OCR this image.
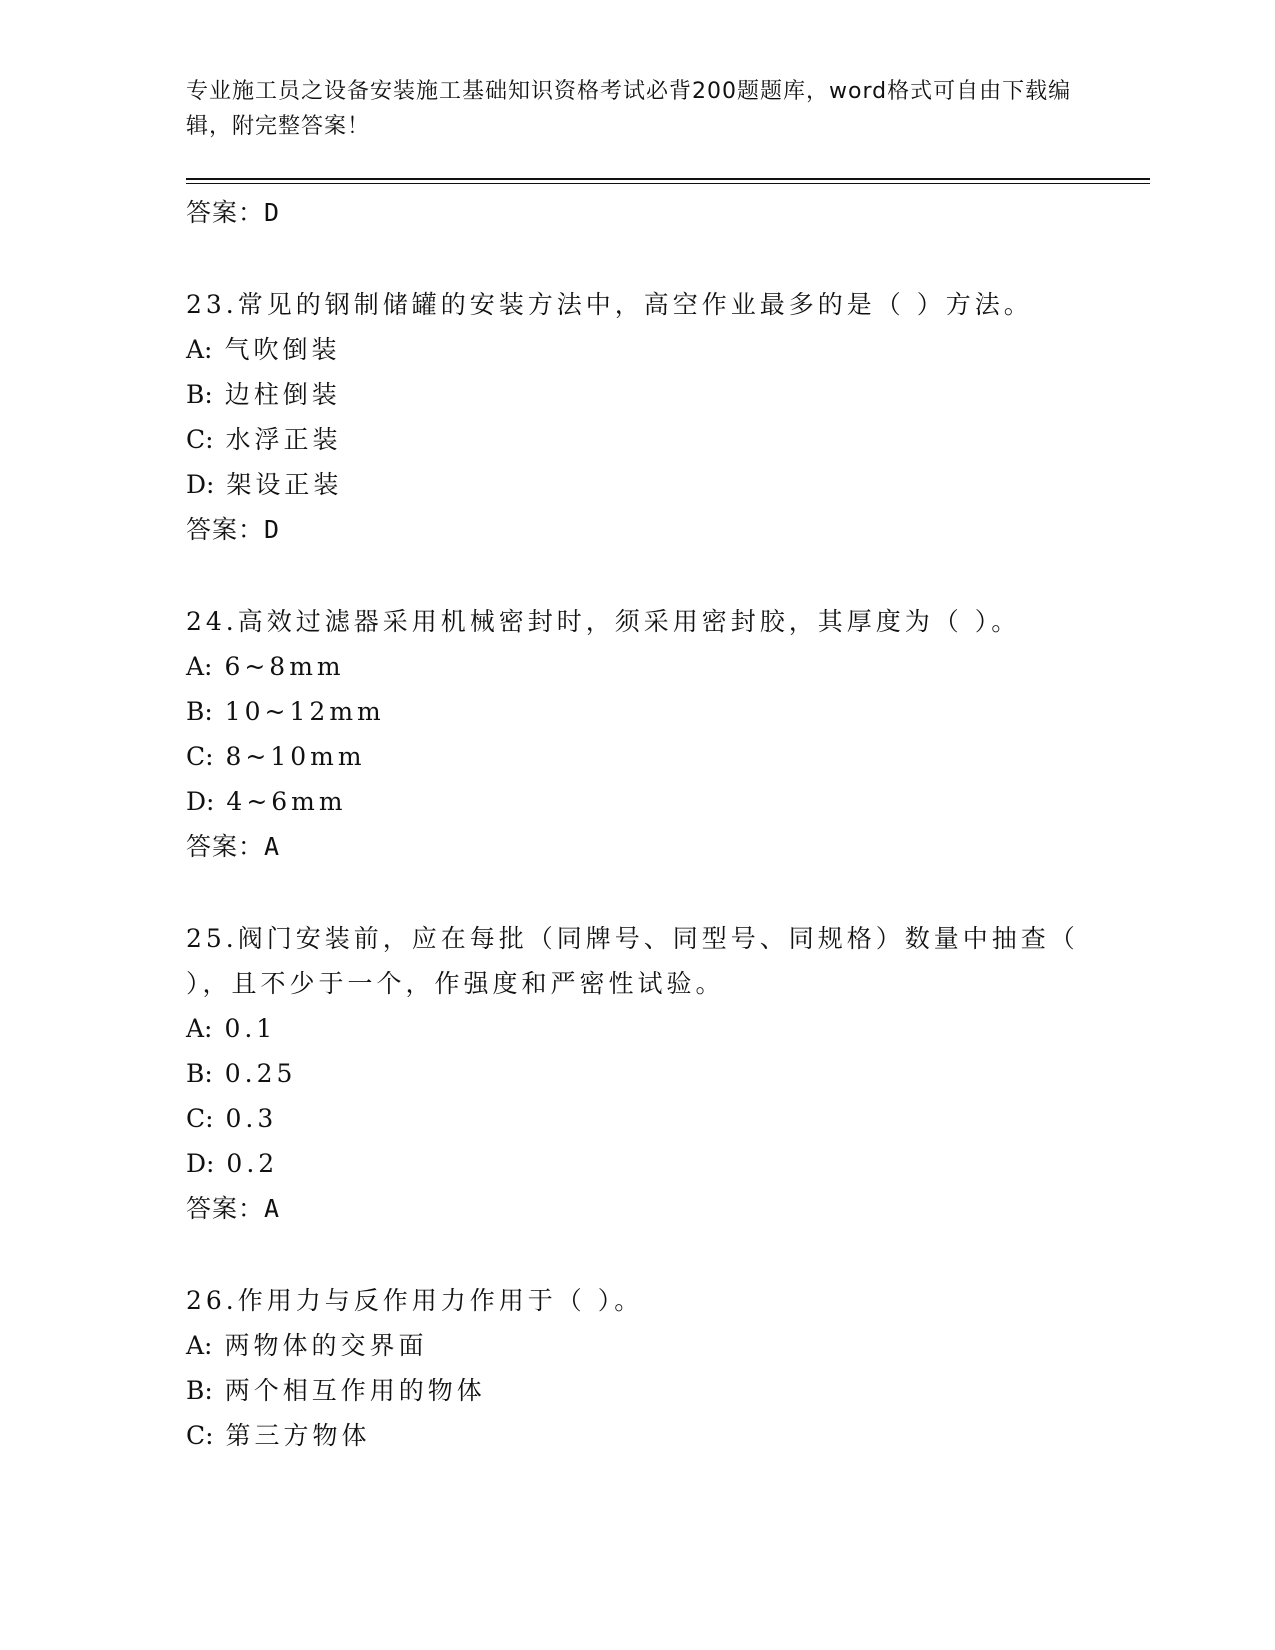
专业施工员之设备安装施工基础知识资格考试必背200题题库，word格式可自由下载编辑，附完整答案！
答案：D
23.常见的钢制储罐的安装方法中，高空作业最多的是（ ）方法。
A: 气吹倒装
B: 边柱倒装
C: 水浮正装
D: 架设正装
答案：D
24.高效过滤器采用机械密封时，须采用密封胶，其厚度为（ ）。
A: 6~8mm
B: 10~12mm
C: 8~10mm
D: 4~6mm
答案：A
25.阀门安装前，应在每批（同牌号、同型号、同规格）数量中抽查（ ），且不少于一个，作强度和严密性试验。
A: 0.1
B: 0.25
C: 0.3
D: 0.2
答案：A
26.作用力与反作用力作用于（ ）。
A: 两物体的交界面
B: 两个相互作用的物体
C: 第三方物体
